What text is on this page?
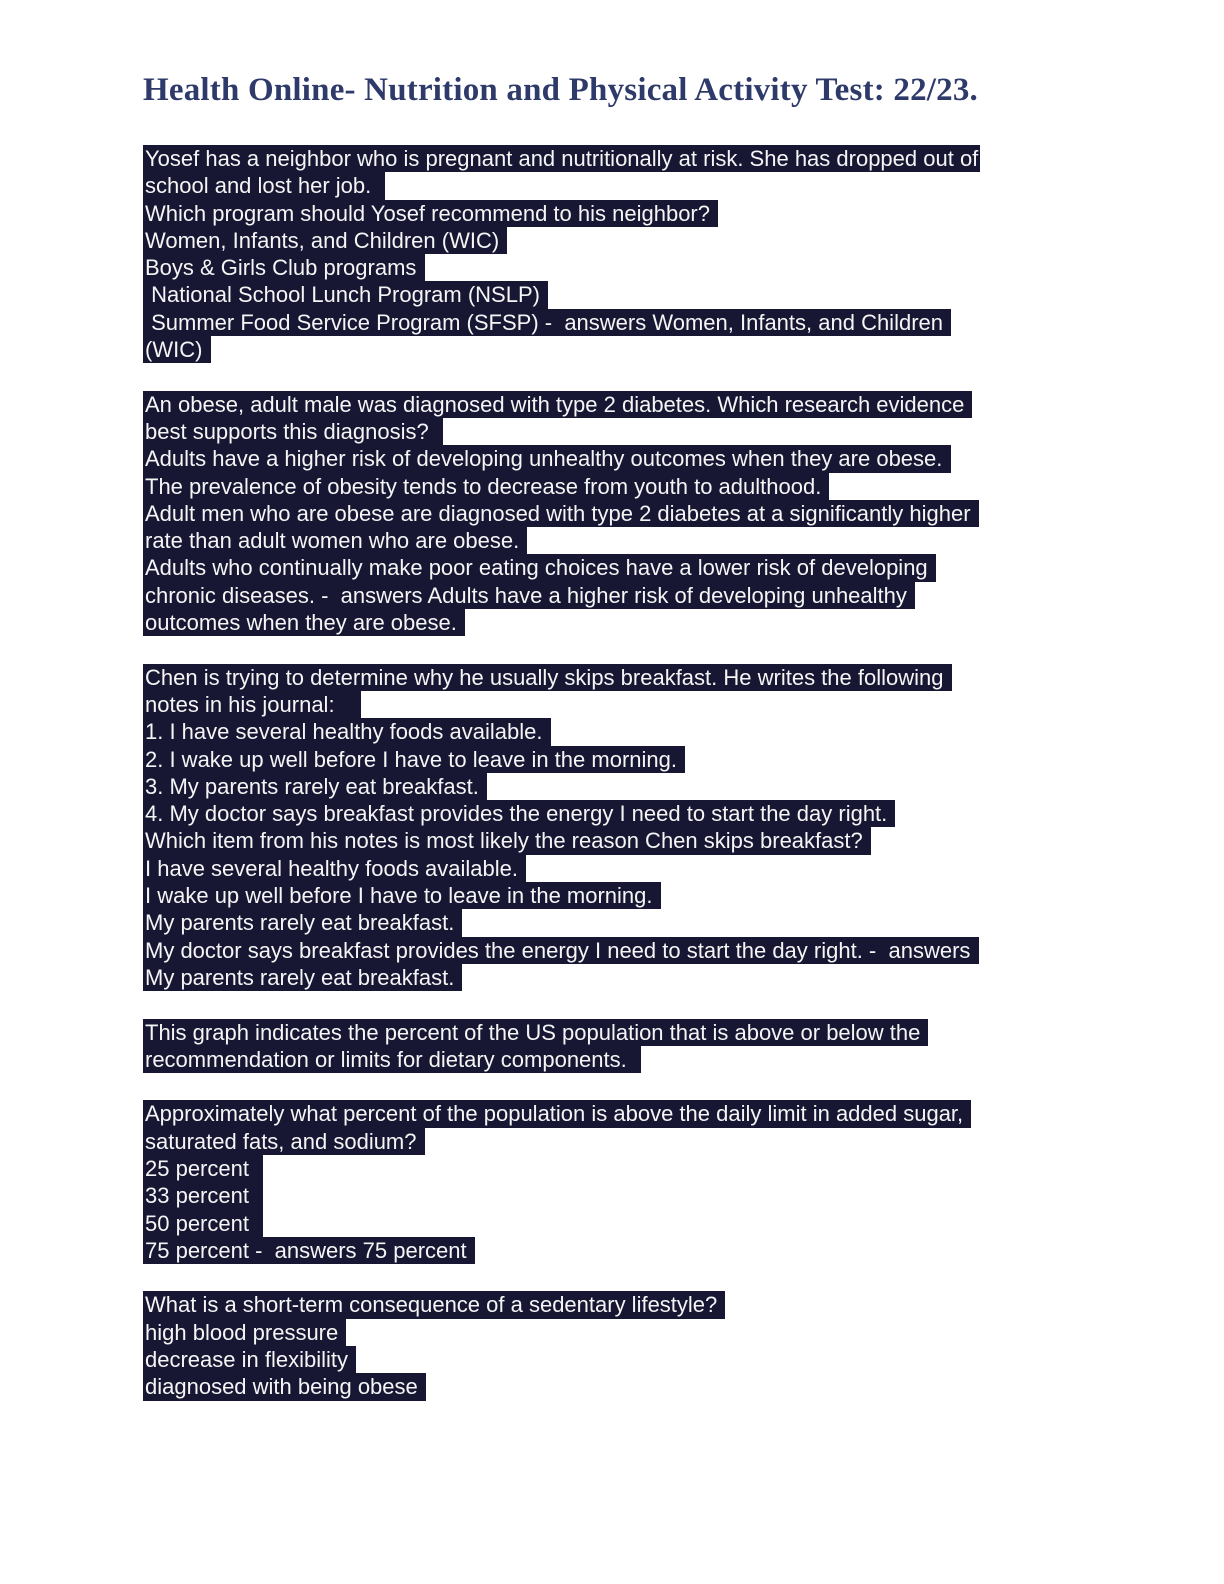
Health Online- Nutrition and Physical Activity Test: 22/23.
Yosef has a neighbor who is pregnant and nutritionally at risk. She has dropped out of
school and lost her job.
Which program should Yosef recommend to his neighbor?
Women, Infants, and Children (WIC)
Boys & Girls Club programs
National School Lunch Program (NSLP)
Summer Food Service Program (SFSP) -  answers Women, Infants, and Children
(WIC)
An obese, adult male was diagnosed with type 2 diabetes. Which research evidence
best supports this diagnosis?
Adults have a higher risk of developing unhealthy outcomes when they are obese.
The prevalence of obesity tends to decrease from youth to adulthood.
Adult men who are obese are diagnosed with type 2 diabetes at a significantly higher
rate than adult women who are obese.
Adults who continually make poor eating choices have a lower risk of developing
chronic diseases. -  answers Adults have a higher risk of developing unhealthy
outcomes when they are obese.
Chen is trying to determine why he usually skips breakfast. He writes the following
notes in his journal:
1. I have several healthy foods available.
2. I wake up well before I have to leave in the morning.
3. My parents rarely eat breakfast.
4. My doctor says breakfast provides the energy I need to start the day right.
Which item from his notes is most likely the reason Chen skips breakfast?
I have several healthy foods available.
I wake up well before I have to leave in the morning.
My parents rarely eat breakfast.
My doctor says breakfast provides the energy I need to start the day right. -  answers
My parents rarely eat breakfast.
This graph indicates the percent of the US population that is above or below the
recommendation or limits for dietary components.
Approximately what percent of the population is above the daily limit in added sugar,
saturated fats, and sodium?
25 percent
33 percent
50 percent
75 percent -  answers 75 percent
What is a short-term consequence of a sedentary lifestyle?
high blood pressure
decrease in flexibility
diagnosed with being obese
